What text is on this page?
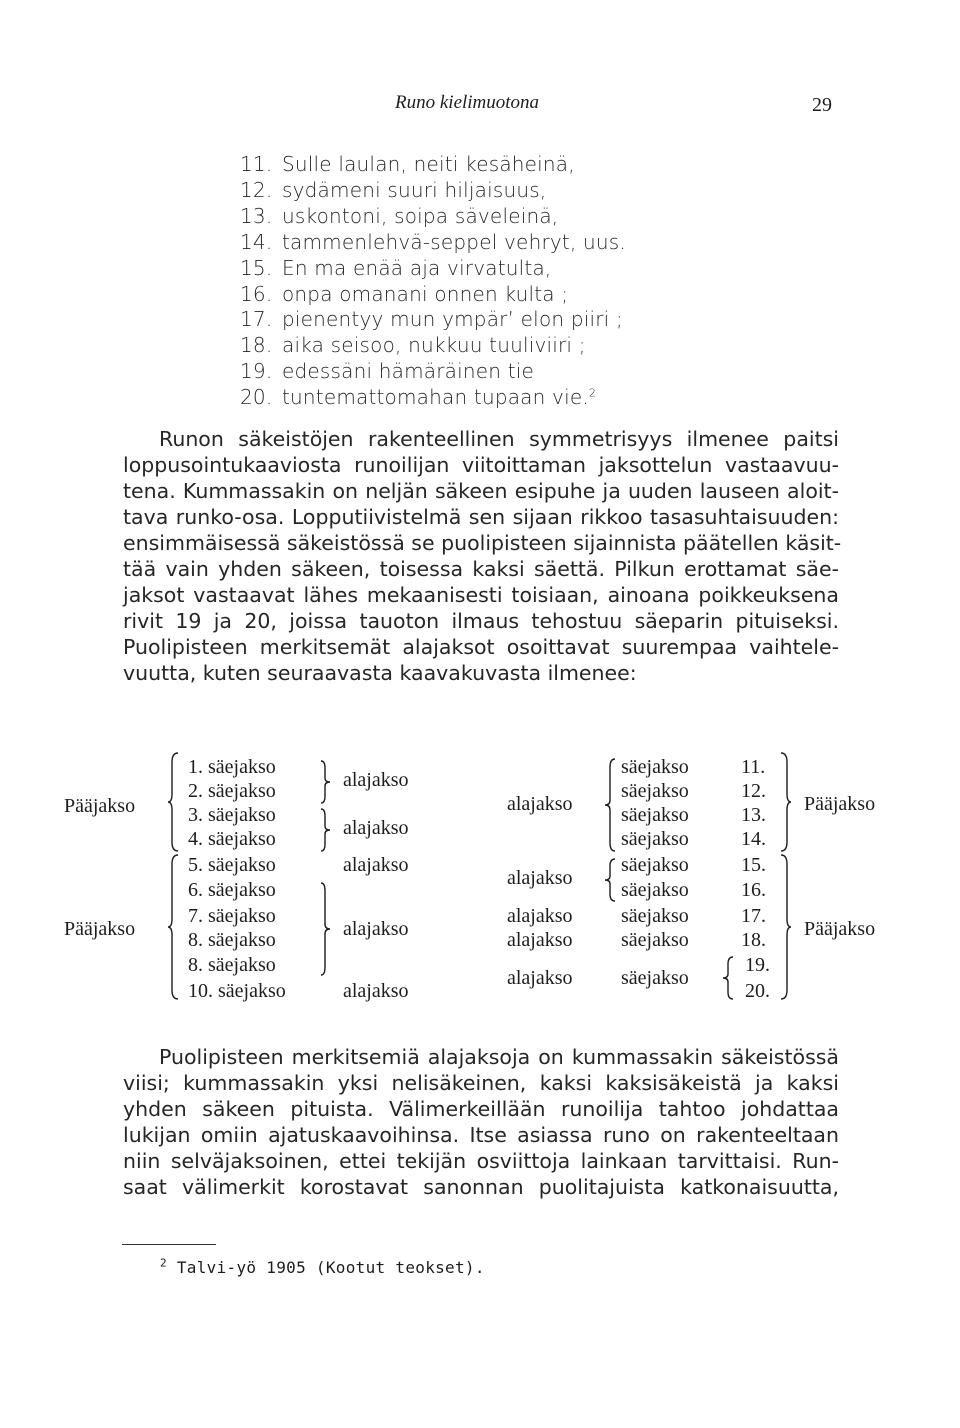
Runo kielimuotona	29
11. Sulle laulan, neiti kesäheinä,
12. sydämeni suuri hiljaisuus,
13. uskontoni, soipa säveleinä,
14. tammenlehvä-seppel vehryt, uus.
15. En ma enää aja virvatulta,
16. onpa omanani onnen kulta ;
17. pienentyy mun ympär’ elon piiri ;
18. aika seisoo, nukkuu tuuliviiri ;
19. edessäni hämäräinen tie
20. tuntemattomahan tupaan vie.$^2$
Runon säkeistöjen rakenteellinen symmetrisyys ilmenee paitsi
loppusointukaaviosta runoilijan viitoittaman jaksottelun vastaavuu-
tena. Kummassakin on neljän säkeen esipuhe ja uuden lauseen aloit-
tava runko-osa. Lopputiivistelmä sen sijaan rikkoo tasasuhtaisuuden:
ensimmäisessä säkeistössä se puolipisteen sijainnista päätellen käsit-
tää vain yhden säkeen, toisessa kaksi säettä. Pilkun erottamat säe-
jaksot vastaavat lähes mekaanisesti toisiaan, ainoana poikkeuksena
rivit 19 ja 20, joissa tauoton ilmaus tehostuu säeparin pituiseksi.
Puolipisteen merkitsemät alajaksot osoittavat suurempaa vaihtele-
vuutta, kuten seuraavasta kaavakuvasta ilmenee:
Pääjakso
Pääjakso
1. säejakso
2. säejakso
3. säejakso
4. säejakso
5. säejakso
6. säejakso
7. säejakso
8. säejakso
8. säejakso
10. säejakso
alajakso
alajakso
alajakso
alajakso
alajakso
alajakso
alajakso
alajakso
alajakso
alajakso
säejakso
säejakso
säejakso
säejakso
säejakso
säejakso
säejakso
säejakso
säejakso
11.
12.
13.
14.
15.
16.
17.
18.
19.
20.
Pääjakso
Pääjakso
Puolipisteen merkitsemiä alajaksoja on kummassakin säkeistössä
viisi; kummassakin yksi nelisäkeinen, kaksi kaksisäkeistä ja kaksi
yhden säkeen pituista. Välimerkeillään runoilija tahtoo johdattaa
lukijan omiin ajatuskaavoihinsa. Itse asiassa runo on rakenteeltaan
niin selväjaksoinen, ettei tekijän osviittoja lainkaan tarvittaisi. Run-
saat välimerkit korostavat sanonnan puolitajuista katkonaisuutta,
$^2$ Talvi-yö 1905 (Kootut teokset).
